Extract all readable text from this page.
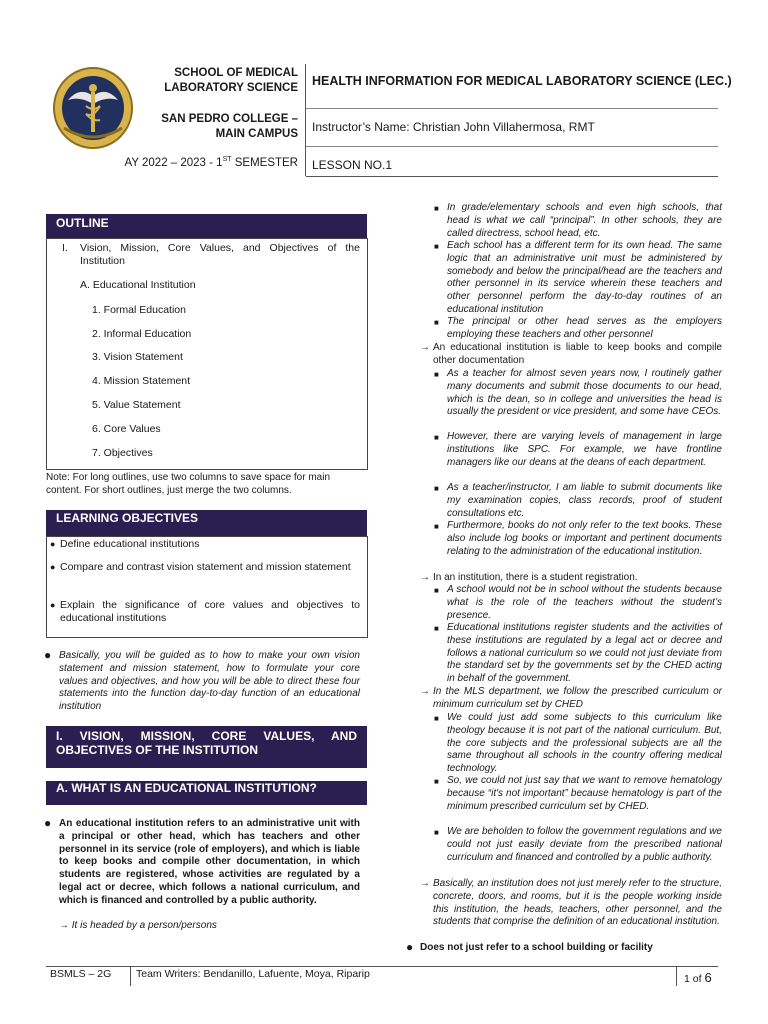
SCHOOL OF MEDICAL LABORATORY SCIENCE
SAN PEDRO COLLEGE – MAIN CAMPUS
AY 2022 – 2023 - 1ST SEMESTER
HEALTH INFORMATION FOR MEDICAL LABORATORY SCIENCE (LEC.)
Instructor’s Name: Christian John Villahermosa, RMT
LESSON NO.1
OUTLINE
I. Vision, Mission, Core Values, and Objectives of the Institution
A. Educational Institution
1. Formal Education
2. Informal Education
3. Vision Statement
4. Mission Statement
5. Value Statement
6. Core Values
7. Objectives
Note: For long outlines, use two columns to save space for main content. For short outlines, just merge the two columns.
LEARNING OBJECTIVES
● Define educational institutions
● Compare and contrast vision statement and mission statement
● Explain the significance of core values and objectives to educational institutions
● Basically, you will be guided as to how to make your own vision statement and mission statement, how to formulate your core values and objectives, and how you will be able to direct these four statements into the function day-to-day function of an educational institution
I. VISION, MISSION, CORE VALUES, AND OBJECTIVES OF THE INSTITUTION
A. WHAT IS AN EDUCATIONAL INSTITUTION?
● An educational institution refers to an administrative unit with a principal or other head, which has teachers and other personnel in its service (role of employers), and which is liable to keep books and compile other documentation, in which students are registered, whose activities are regulated by a legal act or decree, which follows a national curriculum, and which is financed and controlled by a public authority.
→ It is headed by a person/persons
■ In grade/elementary schools and even high schools, that head is what we call “principal”. In other schools, they are called directress, school head, etc.
■ Each school has a different term for its own head. The same logic that an administrative unit must be administered by somebody and below the principal/head are the teachers and other personnel in its service wherein these teachers and other personnel perform the day-to-day routines of an educational institution
■ The principal or other head serves as the employers employing these teachers and other personnel
→ An educational institution is liable to keep books and compile other documentation
■ As a teacher for almost seven years now, I routinely gather many documents and submit those documents to our head, which is the dean, so in college and universities the head is usually the president or vice president, and some have CEOs.
■ However, there are varying levels of management in large institutions like SPC. For example, we have frontline managers like our deans at the deans of each department.
■ As a teacher/instructor, I am liable to submit documents like my examination copies, class records, proof of student consultations etc.
■ Furthermore, books do not only refer to the text books. These also include log books or important and pertinent documents relating to the administration of the educational institution.
→ In an institution, there is a student registration.
■ A school would not be in school without the students because what is the role of the teachers without the student’s presence.
■ Educational institutions register students and the activities of these institutions are regulated by a legal act or decree and follows a national curriculum so we could not just deviate from the standard set by the governments set by the CHED acting in behalf of the government.
→ In the MLS department, we follow the prescribed curriculum or minimum curriculum set by CHED
■ We could just add some subjects to this curriculum like theology because it is not part of the national curriculum. But, the core subjects and the professional subjects are all the same throughout all schools in the country offering medical technology.
■ So, we could not just say that we want to remove hematology because “it's not important” because hematology is part of the minimum prescribed curriculum set by CHED.
■ We are beholden to follow the government regulations and we could not just easily deviate from the prescribed national curriculum and financed and controlled by a public authority.
→ Basically, an institution does not just merely refer to the structure, concrete, doors, and rooms, but it is the people working inside this institution, the heads, teachers, other personnel, and the students that comprise the definition of an educational institution.
● Does not just refer to a school building or facility
BSMLS – 2G Team Writers: Bendanillo, Lafuente, Moya, Riparip	1 of 6
